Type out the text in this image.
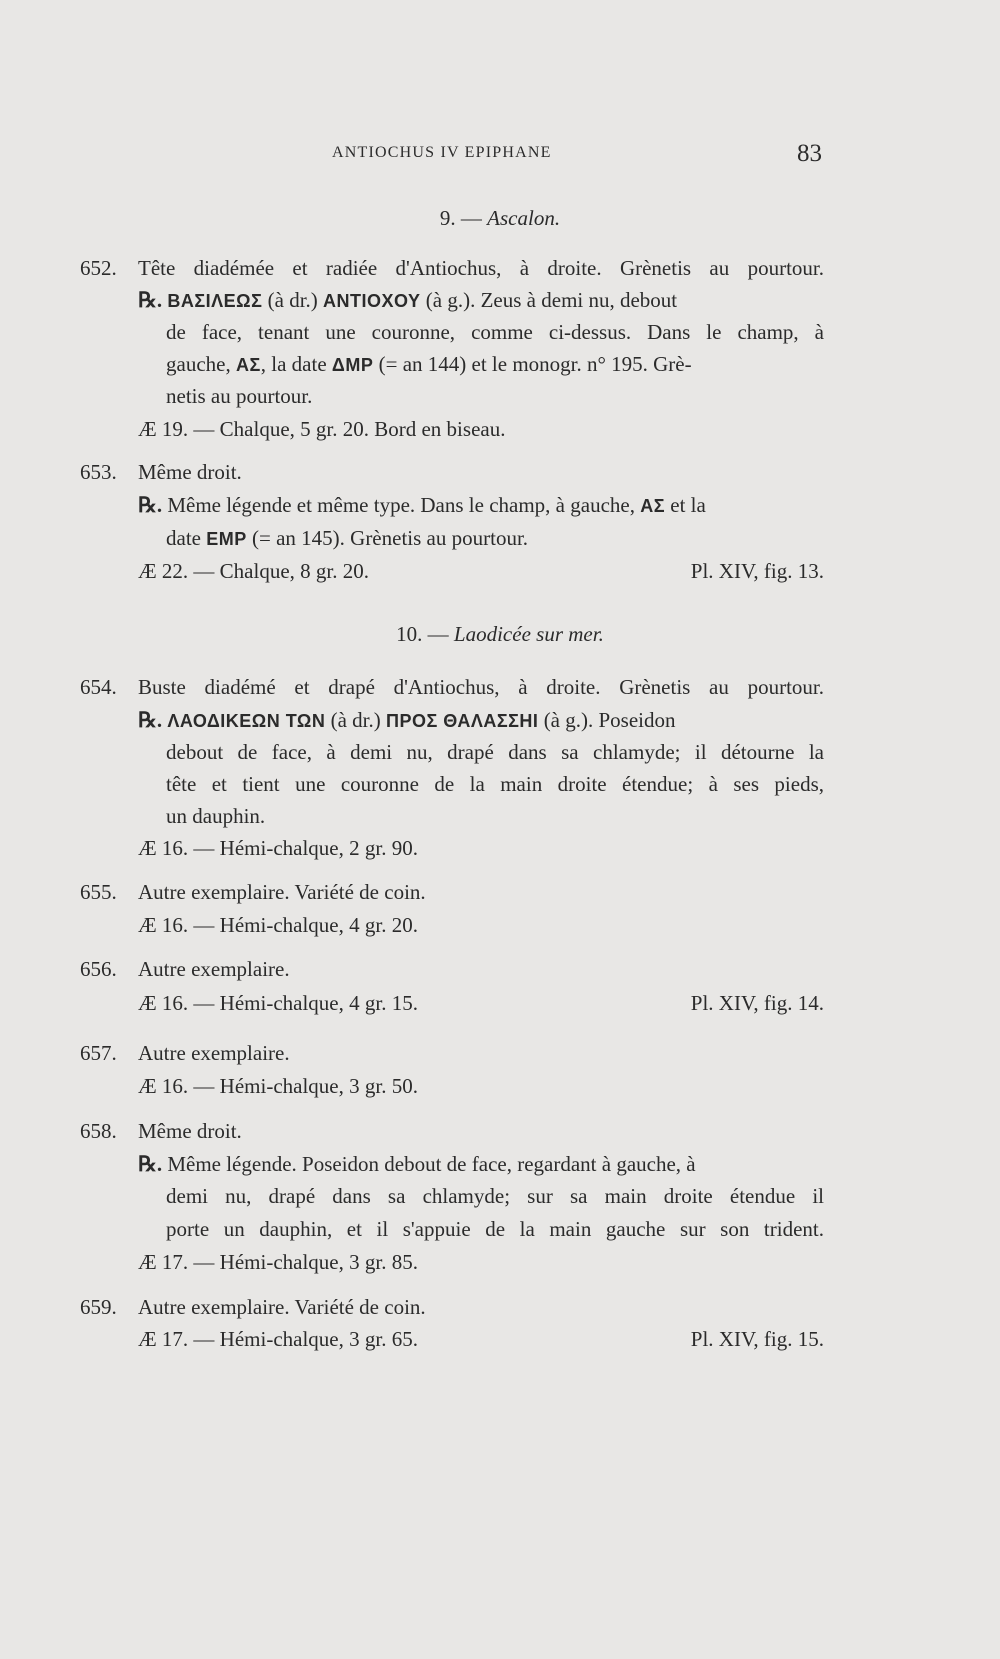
ANTIOCHUS IV EPIPHANE	83
9. — Ascalon.
652. Tête diadémée et radiée d'Antiochus, à droite. Grènetis au pourtour.
℞. ΒΑΣΙΛΕΩΣ (à dr.) ΑΝΤΙΟΧΟΥ (à g.). Zeus à demi nu, debout
de face, tenant une couronne, comme ci-dessus. Dans le champ, à
gauche, ΑΣ, la date ΔΜΡ (= an 144) et le monogr. n° 195. Grè-
netis au pourtour.
Æ 19. — Chalque, 5 gr. 20. Bord en biseau.
653. Même droit.
℞. Même légende et même type. Dans le champ, à gauche, ΑΣ et la
date ΕΜΡ (= an 145). Grènetis au pourtour.
Æ 22. — Chalque, 8 gr. 20.	Pl. XIV, fig. 13.
10. — Laodicée sur mer.
654. Buste diadémé et drapé d'Antiochus, à droite. Grènetis au pourtour.
℞. ΛΑΟΔΙΚΕΩΝ ΤΩΝ (à dr.) ΠΡΟΣ ΘΑΛΑΣΣΗΙ (à g.). Poseidon
debout de face, à demi nu, drapé dans sa chlamyde; il détourne la
tête et tient une couronne de la main droite étendue; à ses pieds,
un dauphin.
Æ 16. — Hémi-chalque, 2 gr. 90.
655. Autre exemplaire. Variété de coin.
Æ 16. — Hémi-chalque, 4 gr. 20.
656. Autre exemplaire.
Æ 16. — Hémi-chalque, 4 gr. 15.	Pl. XIV, fig. 14.
657. Autre exemplaire.
Æ 16. — Hémi-chalque, 3 gr. 50.
658. Même droit.
℞. Même légende. Poseidon debout de face, regardant à gauche, à
demi nu, drapé dans sa chlamyde; sur sa main droite étendue il
porte un dauphin, et il s'appuie de la main gauche sur son trident.
Æ 17. — Hémi-chalque, 3 gr. 85.
659. Autre exemplaire. Variété de coin.
Æ 17. — Hémi-chalque, 3 gr. 65.	Pl. XIV, fig. 15.
